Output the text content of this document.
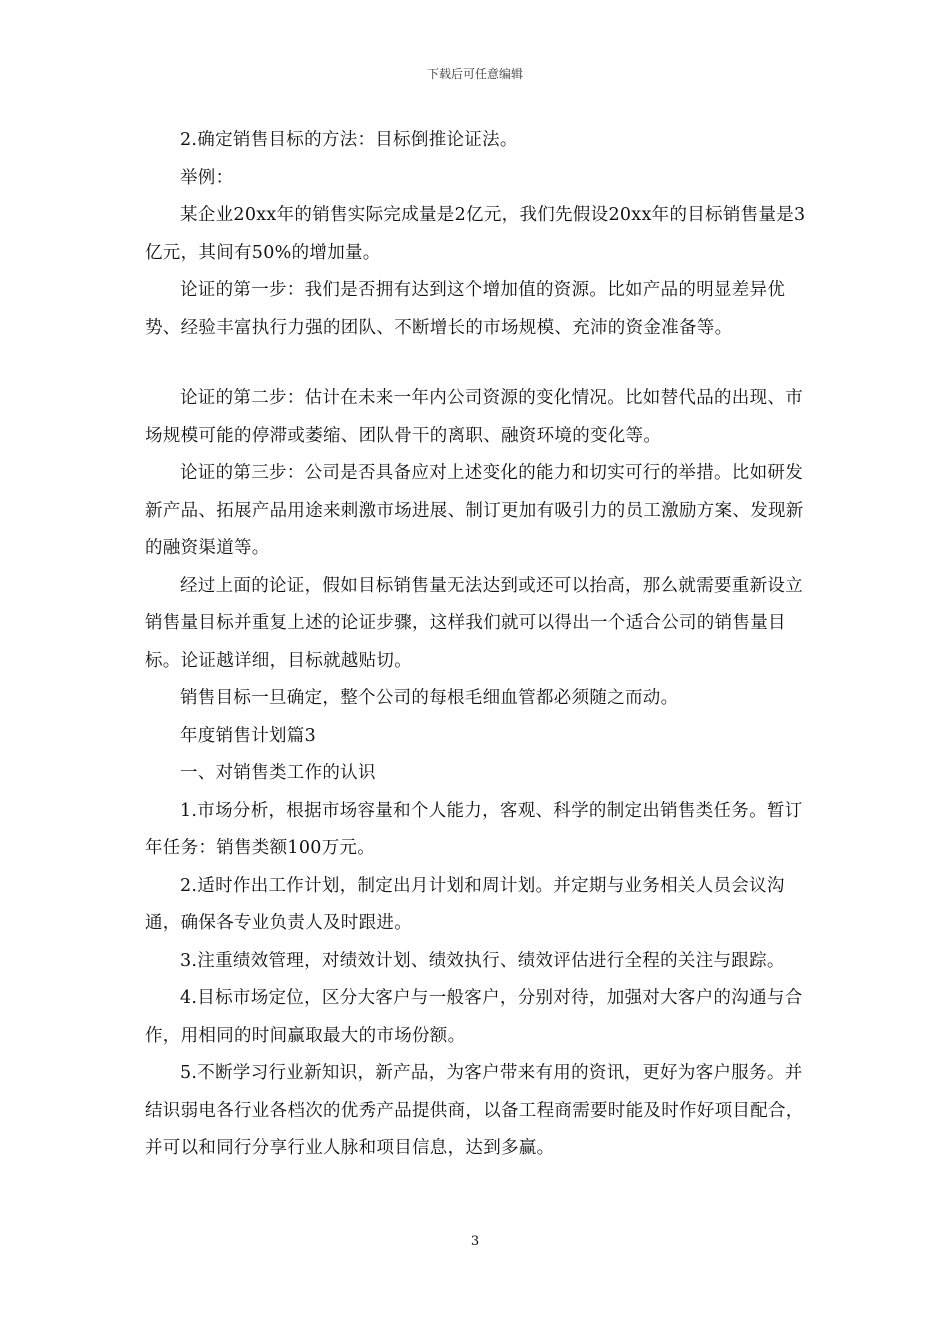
下载后可任意编辑

2.确定销售目标的方法：目标倒推论证法。

举例：

某企业20xx年的销售实际完成量是2亿元，我们先假设20xx年的目标销售量是3亿元，其间有50%的增加量。

论证的第一步：我们是否拥有达到这个增加值的资源。比如产品的明显差异优势、经验丰富执行力强的团队、不断增长的市场规模、充沛的资金准备等。

论证的第二步：估计在未来一年内公司资源的变化情况。比如替代品的出现、市场规模可能的停滞或萎缩、团队骨干的离职、融资环境的变化等。

论证的第三步：公司是否具备应对上述变化的能力和切实可行的举措。比如研发新产品、拓展产品用途来刺激市场进展、制订更加有吸引力的员工激励方案、发现新的融资渠道等。

经过上面的论证，假如目标销售量无法达到或还可以抬高，那么就需要重新设立销售量目标并重复上述的论证步骤，这样我们就可以得出一个适合公司的销售量目标。论证越详细，目标就越贴切。

销售目标一旦确定，整个公司的每根毛细血管都必须随之而动。

年度销售计划篇3

一、对销售类工作的认识

1.市场分析，根据市场容量和个人能力，客观、科学的制定出销售类任务。暂订年任务：销售类额100万元。

2.适时作出工作计划，制定出月计划和周计划。并定期与业务相关人员会议沟通，确保各专业负责人及时跟进。

3.注重绩效管理，对绩效计划、绩效执行、绩效评估进行全程的关注与跟踪。

4.目标市场定位，区分大客户与一般客户，分别对待，加强对大客户的沟通与合作，用相同的时间赢取最大的市场份额。

5.不断学习行业新知识，新产品，为客户带来有用的资讯，更好为客户服务。并结识弱电各行业各档次的优秀产品提供商，以备工程商需要时能及时作好项目配合，并可以和同行分享行业人脉和项目信息，达到多赢。

3
